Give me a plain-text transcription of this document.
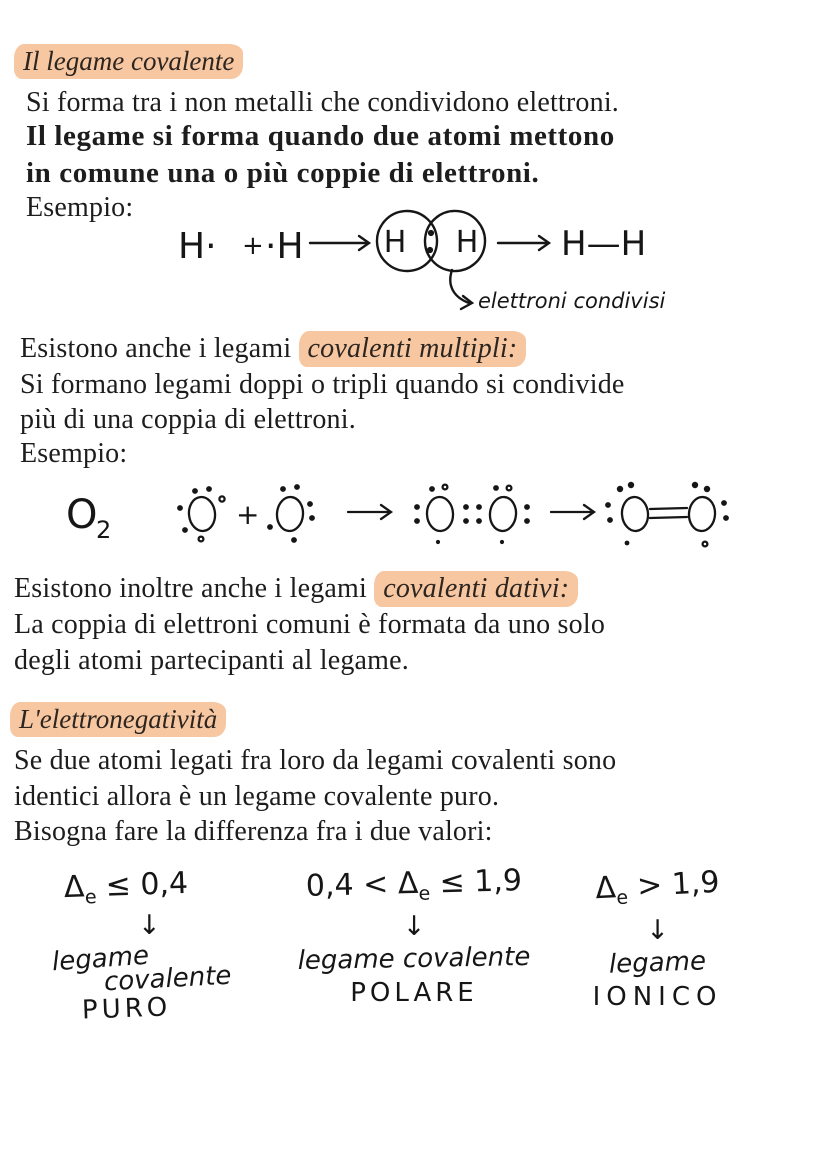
Il legame covalente
Si forma tra i non metalli che condividono elettroni.
Il legame si forma quando due atomi mettono
in comune una o più coppie di elettroni.
Esempio:
H· + ·H	H H H—H
elettroni condivisi
Esistono anche i legami covalenti multipli:
Si formano legami doppi o tripli quando si condivide
più di una coppia di elettroni.
Esempio:
O
2	+
Esistono inoltre anche i legami covalenti dativi:
La coppia di elettroni comuni è formata da uno solo
degli atomi partecipanti al legame.
L'elettronegatività
Se due atomi legati fra loro da legami covalenti sono
identici allora è un legame covalente puro.
Bisogna fare la differenza fra i due valori:
$\Delta_e \le 0,4$
↓
legame
covalente
PURO
$0,4 < \Delta_e \le 1,9$
↓
legame covalente
POLARE
$\Delta_e > 1,9$
↓
legame
IONICO
